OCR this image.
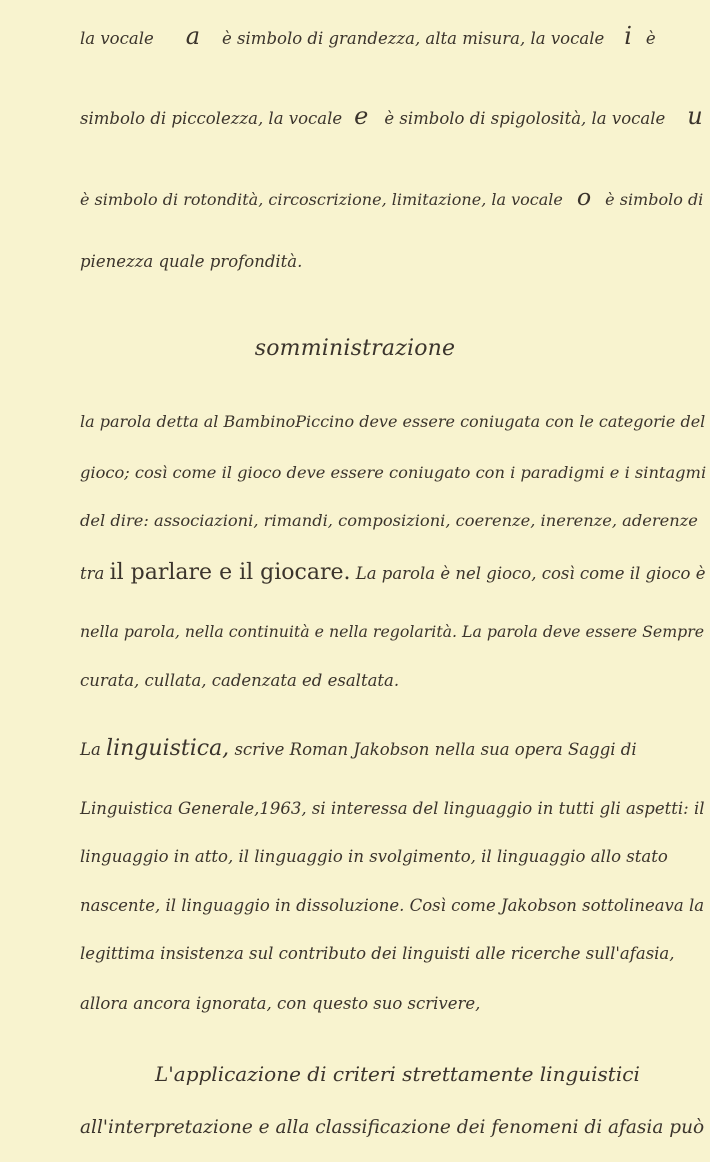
la vocale a è simbolo di grandezza, alta misura, la vocale i è
simbolo di piccolezza, la vocale e è simbolo di spigolosità, la vocale u
è simbolo di rotondità, circoscrizione, limitazione, la vocale o è simbolo di
pienezza quale profondità.
somministrazione
la parola detta al BambinoPiccino deve essere coniugata con le categorie del
gioco; così come il gioco deve essere coniugato con i paradigmi e i sintagmi
del dire: associazioni, rimandi, composizioni, coerenze, inerenze, aderenze
tra il parlare e il giocare. La parola è nel gioco, così come il gioco è
nella parola, nella continuità e nella regolarità. La parola deve essere Sempre
curata, cullata, cadenzata ed esaltata.
La linguistica, scrive Roman Jakobson nella sua opera Saggi di
Linguistica Generale,1963, si interessa del linguaggio in tutti gli aspetti: il
linguaggio in atto, il linguaggio in svolgimento, il linguaggio allo stato
nascente, il linguaggio in dissoluzione. Così come Jakobson sottolineava la
legittima insistenza sul contributo dei linguisti alle ricerche sull'afasia,
allora ancora ignorata, con questo suo scrivere,
L'applicazione di criteri strettamente linguistici
all'interpretazione e alla classificazione dei fenomeni di afasia può
